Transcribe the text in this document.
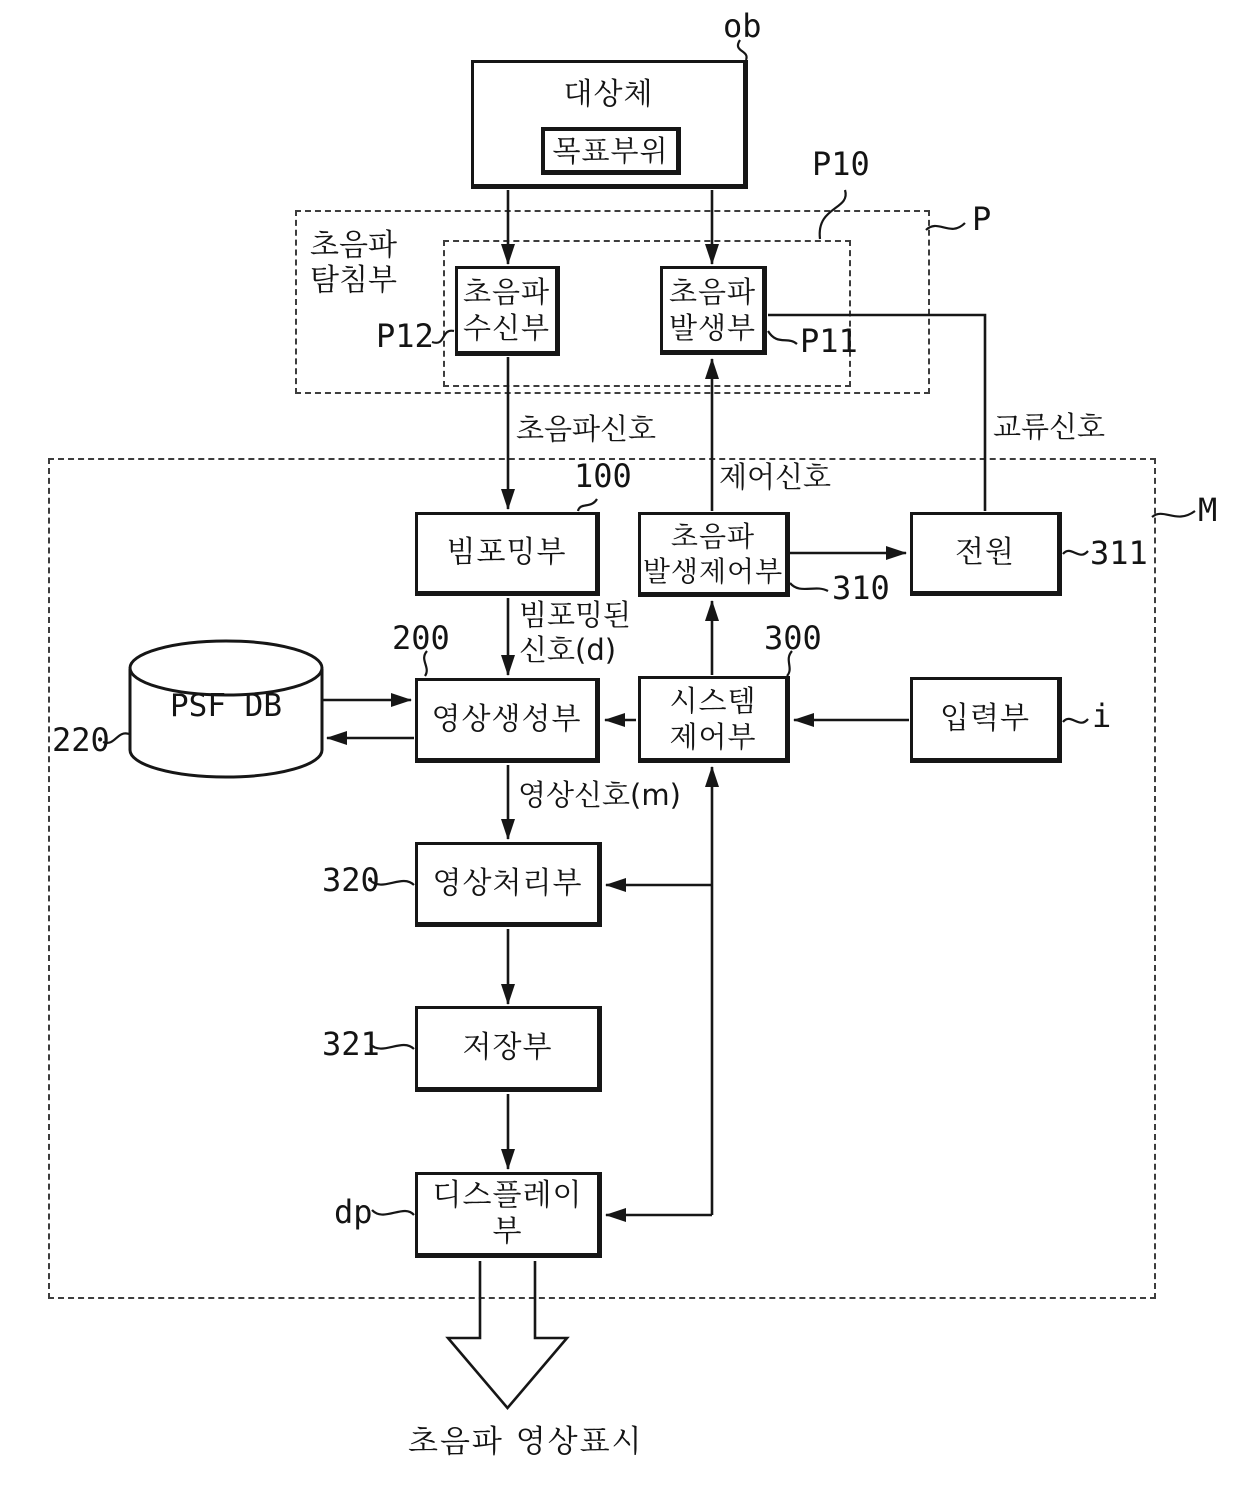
대상체
목표부위
초음파
수신부
초음파
발생부
빔포밍부	초음파
발생제어부
전원
영상생성부
시스템
제어부
입력부
영상처리부
저장부
디스플레이부
PSF DB
초음파
탐침부
ob
P10
P
P12	P11
100
310
311
M
200	300
220
i
320
321
dp
초음파신호	교류신호
제어신호
빔포밍된
신호(d)
영상신호(m)
초음파 영상표시
